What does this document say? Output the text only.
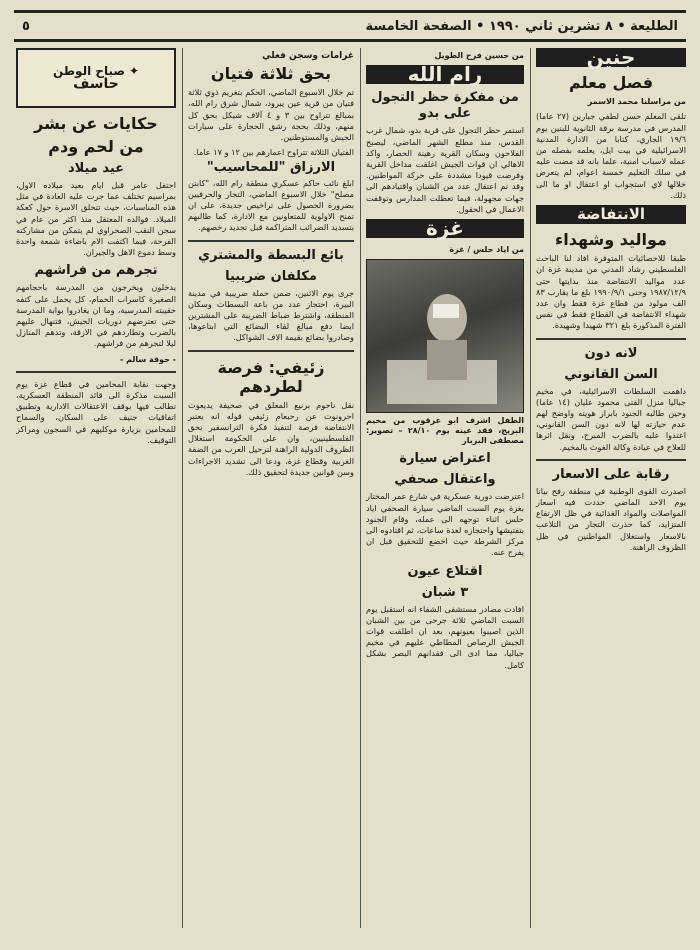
الطليعة • ٨ تشرين ثاني ١٩٩٠ • الصفحة الخامسة
٥
جنين
فصل معلم
من مراسلنا محمد الاسمر

تلقى المعلم حسن لطفي جبارين (٢٧ عاما) المدرس في مدرسة برقة الثانوية للبنين يوم ١٩/٦ الجاري، كتابا من الادارة المدنية الاسرائيلية في بيت ايل، يعلمه بفصله من عمله لاسباب امنية، علما بانه قد مضت عليه في سلك التعليم خمسة اعوام، لم يتعرض خلالها لاي استجواب او اعتقال او ما الى ذلك.

الانتفاضة
مواليد وشهداء

طبقا للاحصائيات المتوفرة افاد لنا الباحث الفلسطيني رشاد المدني من مدينة غزة ان عدد مواليد الانتفاضة منذ بدايتها حتى ١٩٨٧/١٢/٩ وحتى ١٩٩٠/٩/١ بلغ ما يقارب ٨٣ الف مولود من قطاع غزة فقط وان عدد شهداء الانتفاضة في القطاع فقط في نفس الفترة المذكورة بلغ ٣٢١ شهيدا وشهيدة.

لانه دون
السن القانوني

داهمت السلطات الاسرائيلية، في مخيم جباليا منزل الفتى محمود عليان (١٤ عاما) وحين طالبه الجنود بابراز هويته واوضح لهم عدم حيازته لها لانه دون السن القانوني، اعتدوا عليه بالضرب المبرح، ونقل اثرها للعلاج في عيادة وكالة الغوث بالمخيم.

رقابة على الاسعار

اصدرت القوى الوطنية في منطقة رفح بيانا يوم الاحد الماضي حددت فيه اسعار المواصلات والمواد الغذائية في ظل الارتفاع المتزايد، كما حذرت التجار من التلاعب بالاسعار واستغلال المواطنين في ظل الظروف الراهنة.

من حسين فرح الطويل
رام الله
من مفكرة حظر التجول على بدو

استمر حظر التجول على قرية بدو، شمال غرب القدس، منذ مطلع الشهر الماضي، ليصبح الفلاحون وسكان القرية رهينة الحصار، واكد الاهالي ان قوات الجيش اغلقت مداخل القرية وفرضت قيودا مشددة على حركة المواطنين. وقد تم اعتقال عدد من الشبان واقتيادهم الى جهات مجهولة، فيما تعطلت المدارس وتوقفت الاعمال في الحقول.

غزة
من اياد حلس / غزة
الطفل اشرف ابو عرقوب من مخيم البريج، فقد عينه يوم ٢٨/١٠ – تصوير: مصطفى البربار
اعتراض سيارة
واعتقال صحفي

اعترضت دورية عسكرية في شارع عمر المختار بغزة يوم السبت الماضي سيارة الصحفي اياد حلس اثناء توجهه الى عمله، وقام الجنود بتفتيشها واحتجازه لعدة ساعات، ثم اقتادوه الى مركز الشرطة حيث اخضع للتحقيق قبل ان يفرج عنه.

اقتلاع عيون
٣ شبان

افادت مصادر مستشفى الشفاء انه استقبل يوم السبت الماضي ثلاثة جرحى من بين الشبان الذين اصيبوا بعيونهم، بعد ان اطلقت قوات الجيش الرصاص المطاطي عليهم في مخيم جباليا، مما ادى الى فقدانهم البصر بشكل كامل.

غرامات وسجن فعلي
بحق ثلاثة فتيان

تم خلال الاسبوع الماضي، الحكم بتغريم ذوي ثلاثة فتيان من قرية عين يبرود، شمال شرق رام الله، بمبالغ تتراوح بين ٣ و ٤ آلاف شيكل بحق كل منهم، وذلك بحجة رشق الحجارة على سيارات الجيش والمستوطنين.

الفتيان الثلاثة تتراوح اعمارهم بين ١٢ و ١٧ عاما.

الارزاق "للمحاسيب"

ابلغ نائب حاكم عسكري منطقة رام الله، "كابتن مصلح" خلال الاسبوع الماضي، التجار والحرفيين بضرورة الحصول على تراخيص جديدة، على ان تمنح الاولوية للمتعاونين مع الادارة، كما طالبهم بتسديد الضرائب المتراكمة قبل تجديد رخصهم.

بائع البسطة والمشتري
مكلفان ضريبيا

جرى يوم الاثنين، ضمن حملة ضريبية في مدينة البيرة، احتجاز عدد من باعة البسطات وسكان المنطقة، واشترط ضباط الضريبة على المشترين ايضا دفع مبالغ لقاء البضائع التي ابتاعوها، وصادروا بضائع بقيمة الاف الشواكل.

زئيفي: فرصة لطردهم

نقل ناحوم برنيع المعلق في صحيفة يديعوت احرونوت عن رحبعام زئيفي قوله انه يعتبر الانتفاضة فرصة لتنفيذ فكرة الترانسفير بحق الفلسطينيين، وان على الحكومة استغلال الظروف الدولية الراهنة لترحيل العرب من الضفة الغربية وقطاع غزة، ودعا الى تشديد الاجراءات وسن قوانين جديدة لتحقيق ذلك.

✦
صباح الوطن
حاسف
حكايات عن بشر
من لحم ودم
عيد ميلاد

احتفل عامر قبل ايام بعيد ميلاده الاول، بمراسيم تختلف عما جرت عليه العادة في مثل هذه المناسبات، حيث تتحلق الاسرة حول كعكة الميلاد. فوالده المعتقل منذ اكثر من عام في سجن النقب الصحراوي لم يتمكن من مشاركته الفرحة، فيما اكتفت الام باضاءة شمعة واحدة وسط دموع الاهل والجيران.

تجرهم من فراشهم

يدخلون ويخرجون من المدرسة باحجامهم الصغيرة كاسراب الحمام، كل يحمل على كتفه حقيبته المدرسية، وما ان يغادروا بوابة المدرسة حتى تعترضهم دوريات الجيش، فتنهال عليهم بالضرب وتطاردهم في الازقة، وتدهم المنازل ليلا لتجرهم من فراشهم.

- حوقة سالم -

وجهت نقابة المحامين في قطاع غزة يوم السبت مذكرة الى قائد المنطقة العسكرية، تطالب فيها بوقف الاعتقالات الادارية وتطبيق اتفاقيات جنيف على السكان، والسماح للمحامين بزيارة موكليهم في السجون ومراكز التوقيف.
